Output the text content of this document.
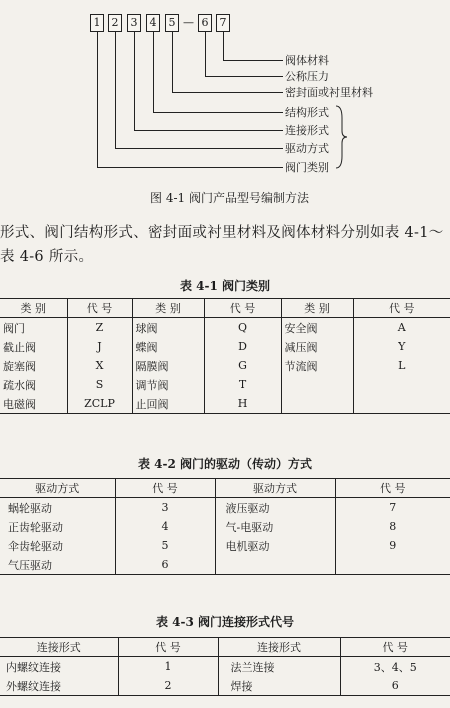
1	2	3	4	5 — 6	7
阀体材料
公称压力
密封面或衬里材料
结构形式
连接形式
驱动方式
阀门类别
图 4-1 阀门产品型号编制方法
形式、阀门结构形式、密封面或衬里材料及阀体材料分别如表 4-1～
表 4-6 所示。
表 4-1 阀门类别
类 别	代 号	类 别	代 号	类 别	代 号
阀门	Z	球阀	Q	安全阀	A
截止阀	J	蝶阀	D	减压阀	Y
旋塞阀	X	隔膜阀	G	节流阀	L
疏水阀	S	调节阀	T		
电磁阀	ZCLP	止回阀	H		
表 4-2 阀门的驱动（传动）方式
驱动方式	代 号	驱动方式	代 号
蜗轮驱动	3	液压驱动	7
正齿轮驱动	4	气-电驱动	8
伞齿轮驱动	5	电机驱动	9
气压驱动	6		
表 4-3 阀门连接形式代号
连接形式	代 号	连接形式	代 号
内螺纹连接	1	法兰连接	3、4、5
外螺纹连接	2	焊接	6
